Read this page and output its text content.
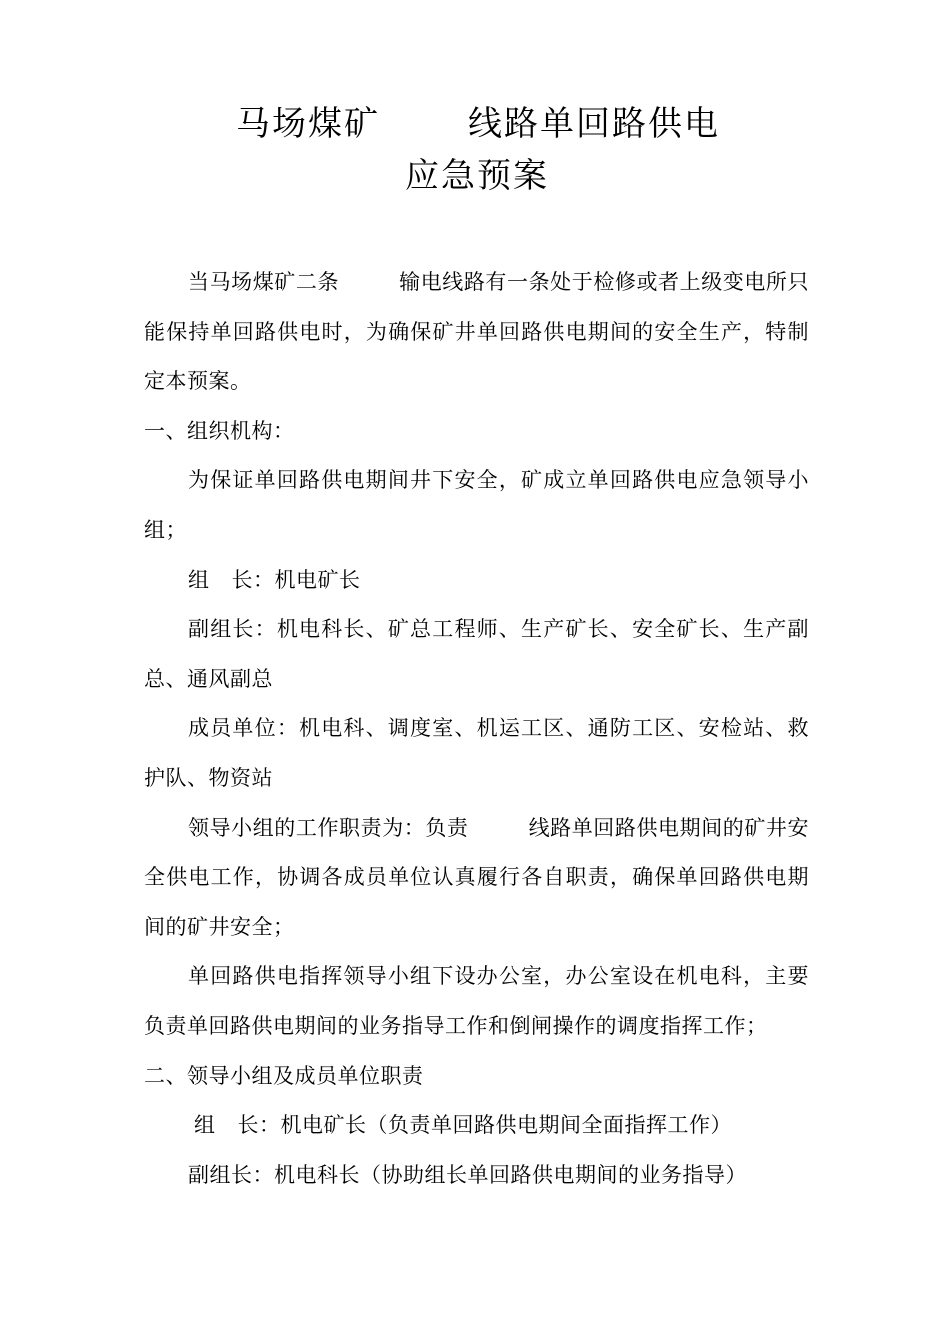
马场煤矿	线路单回路供电
应急预案

当马场煤矿二条	输电线路有一条处于检修或者上级变电所只能保持单回路供电时，为确保矿井单回路供电期间的安全生产，特制定本预案。

一、组织机构：

为保证单回路供电期间井下安全，矿成立单回路供电应急领导小组；

组 长：机电矿长

副组长：机电科长、矿总工程师、生产矿长、安全矿长、生产副总、通风副总

成员单位：机电科、调度室、机运工区、通防工区、安检站、救护队、物资站

领导小组的工作职责为：负责	线路单回路供电期间的矿井安全供电工作，协调各成员单位认真履行各自职责，确保单回路供电期间的矿井安全；

单回路供电指挥领导小组下设办公室，办公室设在机电科，主要负责单回路供电期间的业务指导工作和倒闸操作的调度指挥工作；

二、领导小组及成员单位职责

组 长：机电矿长（负责单回路供电期间全面指挥工作）

副组长：机电科长（协助组长单回路供电期间的业务指导）
